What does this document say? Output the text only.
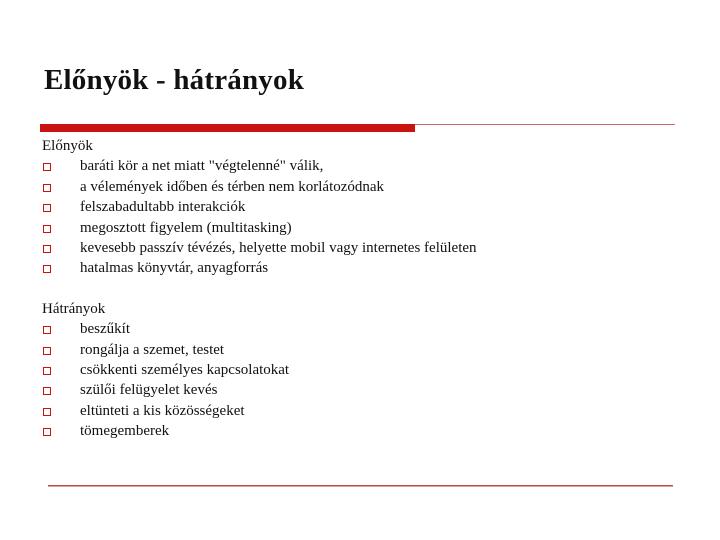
Előnyök - hátrányok
Előnyök
baráti kör a net miatt "végtelenné" válik,
a vélemények időben és térben nem korlátozódnak
felszabadultabb interakciók
megosztott figyelem (multitasking)
kevesebb passzív tévézés, helyette mobil vagy internetes felületen
hatalmas könyvtár, anyagforrás
Hátrányok
beszűkít
rongálja a szemet, testet
csökkenti személyes kapcsolatokat
szülői felügyelet kevés
eltünteti a kis közösségeket
tömegemberek
